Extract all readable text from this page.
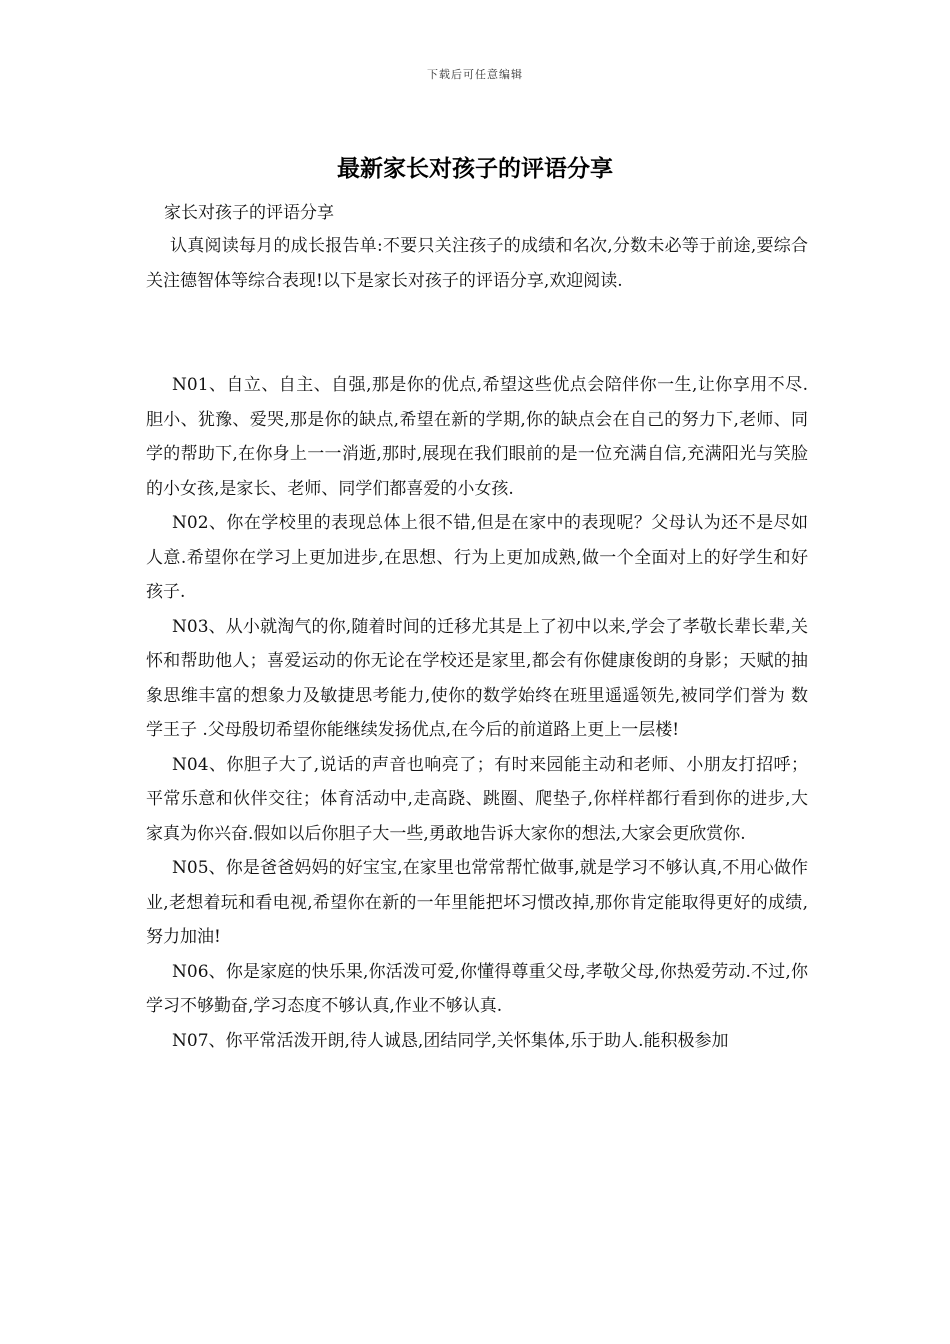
下载后可任意编辑
最新家长对孩子的评语分享
家长对孩子的评语分享
认真阅读每月的成长报告单:不要只关注孩子的成绩和名次,分数未必等于前途,要综合关注德智体等综合表现!以下是家长对孩子的评语分享,欢迎阅读.

N01、自立、自主、自强,那是你的优点,希望这些优点会陪伴你一生,让你享用不尽.胆小、犹豫、爱哭,那是你的缺点,希望在新的学期,你的缺点会在自己的努力下,老师、同学的帮助下,在你身上一一消逝,那时,展现在我们眼前的是一位充满自信,充满阳光与笑脸的小女孩,是家长、老师、同学们都喜爱的小女孩.

N02、你在学校里的表现总体上很不错,但是在家中的表现呢？父母认为还不是尽如人意.希望你在学习上更加进步,在思想、行为上更加成熟,做一个全面对上的好学生和好孩子.

N03、从小就淘气的你,随着时间的迁移尤其是上了初中以来,学会了孝敬长辈长辈,关怀和帮助他人；喜爱运动的你无论在学校还是家里,都会有你健康俊朗的身影；天赋的抽象思维丰富的想象力及敏捷思考能力,使你的数学始终在班里遥遥领先,被同学们誉为 数学王子 .父母殷切希望你能继续发扬优点,在今后的前道路上更上一层楼!

N04、你胆子大了,说话的声音也响亮了；有时来园能主动和老师、小朋友打招呼；平常乐意和伙伴交往；体育活动中,走高跷、跳圈、爬垫子,你样样都行看到你的进步,大家真为你兴奋.假如以后你胆子大一些,勇敢地告诉大家你的想法,大家会更欣赏你.

N05、你是爸爸妈妈的好宝宝,在家里也常常帮忙做事,就是学习不够认真,不用心做作业,老想着玩和看电视,希望你在新的一年里能把坏习惯改掉,那你肯定能取得更好的成绩,努力加油!

N06、你是家庭的快乐果,你活泼可爱,你懂得尊重父母,孝敬父母,你热爱劳动.不过,你学习不够勤奋,学习态度不够认真,作业不够认真.

N07、你平常活泼开朗,待人诚恳,团结同学,关怀集体,乐于助人.能积极参加
